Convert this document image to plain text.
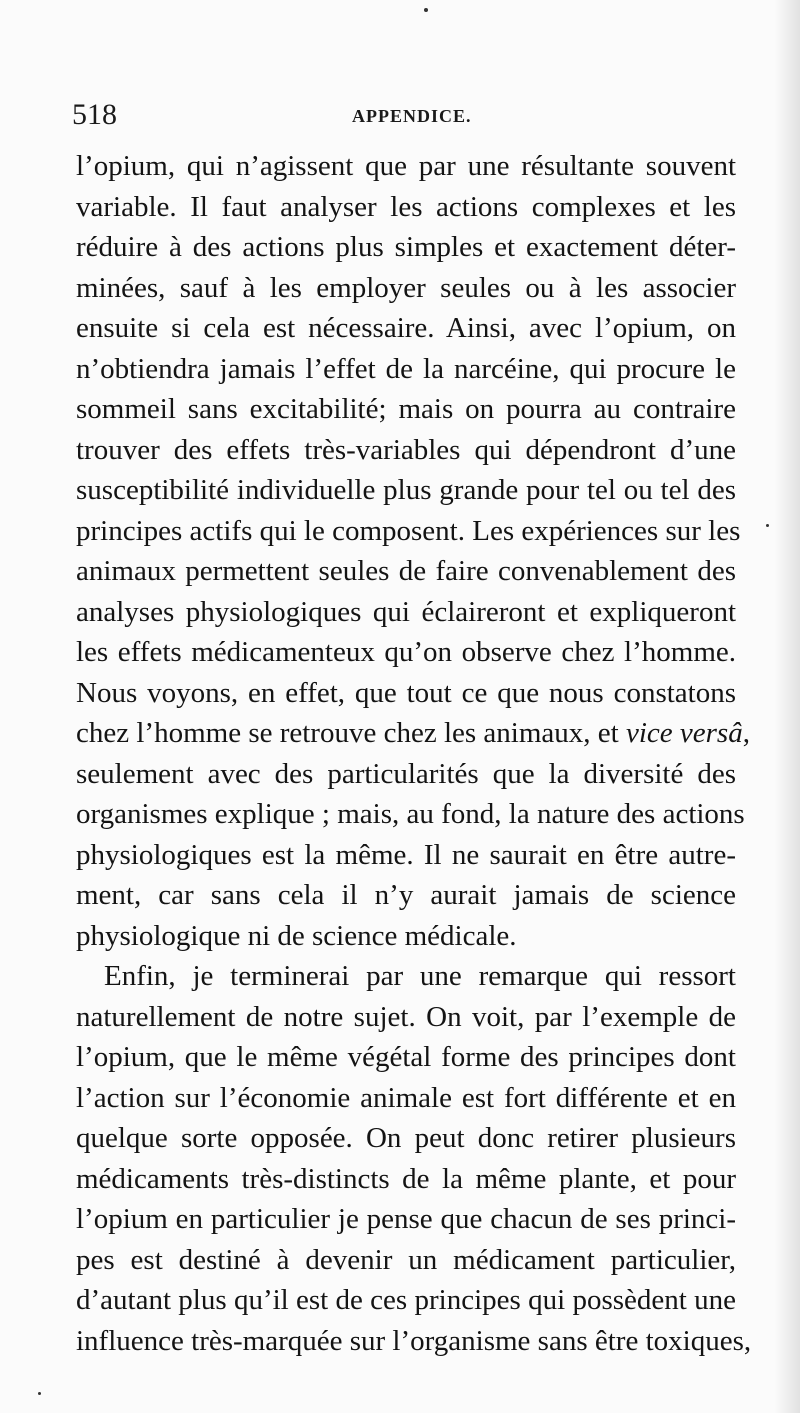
518	APPENDICE.
l’opium, qui n’agissent que par une résultante souvent
variable. Il faut analyser les actions complexes et les
réduire à des actions plus simples et exactement déter-
minées, sauf à les employer seules ou à les associer
ensuite si cela est nécessaire. Ainsi, avec l’opium, on
n’obtiendra jamais l’effet de la narcéine, qui procure le
sommeil sans excitabilité; mais on pourra au contraire
trouver des effets très-variables qui dépendront d’une
susceptibilité individuelle plus grande pour tel ou tel des
principes actifs qui le composent. Les expériences sur les
animaux permettent seules de faire convenablement des
analyses physiologiques qui éclaireront et expliqueront
les effets médicamenteux qu’on observe chez l’homme.
Nous voyons, en effet, que tout ce que nous constatons
chez l’homme se retrouve chez les animaux, et vice versâ,
seulement avec des particularités que la diversité des
organismes explique ; mais, au fond, la nature des actions
physiologiques est la même. Il ne saurait en être autre-
ment, car sans cela il n’y aurait jamais de science
physiologique ni de science médicale.
Enfin, je terminerai par une remarque qui ressort
naturellement de notre sujet. On voit, par l’exemple de
l’opium, que le même végétal forme des principes dont
l’action sur l’économie animale est fort différente et en
quelque sorte opposée. On peut donc retirer plusieurs
médicaments très-distincts de la même plante, et pour
l’opium en particulier je pense que chacun de ses princi-
pes est destiné à devenir un médicament particulier,
d’autant plus qu’il est de ces principes qui possèdent une
influence très-marquée sur l’organisme sans être toxiques,
